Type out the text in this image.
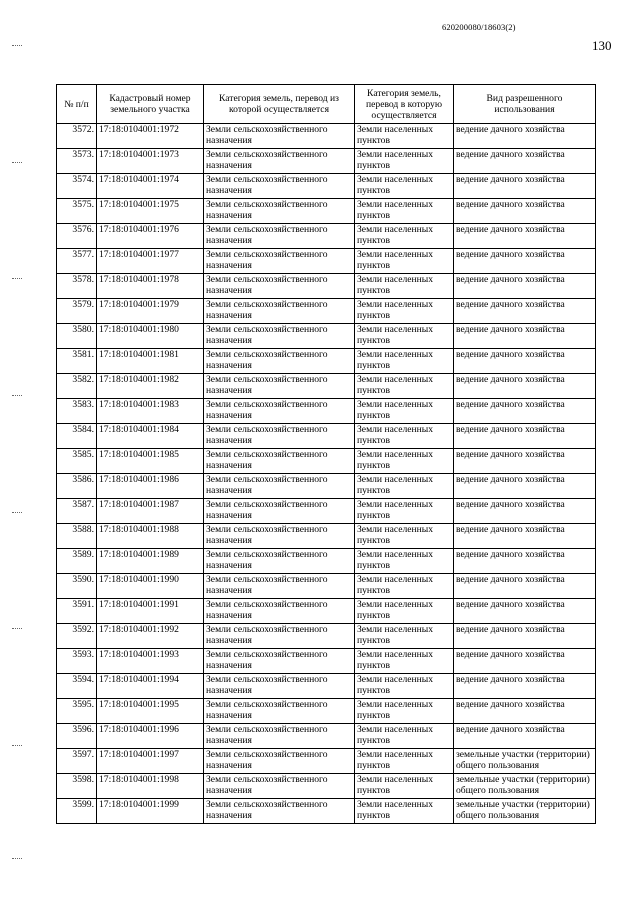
620200080/18603(2)
130
№ п/п	Кадастровый номер земельного участка	Категория земель, перевод из которой осуществляется	Категория земель, перевод в которую осуществляется	Вид разрешенного использования
3572.	17:18:0104001:1972	Земли сельскохозяйственного назначения	Земли населенных пунктов	ведение дачного хозяйства
3573.	17:18:0104001:1973	Земли сельскохозяйственного назначения	Земли населенных пунктов	ведение дачного хозяйства
3574.	17:18:0104001:1974	Земли сельскохозяйственного назначения	Земли населенных пунктов	ведение дачного хозяйства
3575.	17:18:0104001:1975	Земли сельскохозяйственного назначения	Земли населенных пунктов	ведение дачного хозяйства
3576.	17:18:0104001:1976	Земли сельскохозяйственного назначения	Земли населенных пунктов	ведение дачного хозяйства
3577.	17:18:0104001:1977	Земли сельскохозяйственного назначения	Земли населенных пунктов	ведение дачного хозяйства
3578.	17:18:0104001:1978	Земли сельскохозяйственного назначения	Земли населенных пунктов	ведение дачного хозяйства
3579.	17:18:0104001:1979	Земли сельскохозяйственного назначения	Земли населенных пунктов	ведение дачного хозяйства
3580.	17:18:0104001:1980	Земли сельскохозяйственного назначения	Земли населенных пунктов	ведение дачного хозяйства
3581.	17:18:0104001:1981	Земли сельскохозяйственного назначения	Земли населенных пунктов	ведение дачного хозяйства
3582.	17:18:0104001:1982	Земли сельскохозяйственного назначения	Земли населенных пунктов	ведение дачного хозяйства
3583.	17:18:0104001:1983	Земли сельскохозяйственного назначения	Земли населенных пунктов	ведение дачного хозяйства
3584.	17:18:0104001:1984	Земли сельскохозяйственного назначения	Земли населенных пунктов	ведение дачного хозяйства
3585.	17:18:0104001:1985	Земли сельскохозяйственного назначения	Земли населенных пунктов	ведение дачного хозяйства
3586.	17:18:0104001:1986	Земли сельскохозяйственного назначения	Земли населенных пунктов	ведение дачного хозяйства
3587.	17:18:0104001:1987	Земли сельскохозяйственного назначения	Земли населенных пунктов	ведение дачного хозяйства
3588.	17:18:0104001:1988	Земли сельскохозяйственного назначения	Земли населенных пунктов	ведение дачного хозяйства
3589.	17:18:0104001:1989	Земли сельскохозяйственного назначения	Земли населенных пунктов	ведение дачного хозяйства
3590.	17:18:0104001:1990	Земли сельскохозяйственного назначения	Земли населенных пунктов	ведение дачного хозяйства
3591.	17:18:0104001:1991	Земли сельскохозяйственного назначения	Земли населенных пунктов	ведение дачного хозяйства
3592.	17:18:0104001:1992	Земли сельскохозяйственного назначения	Земли населенных пунктов	ведение дачного хозяйства
3593.	17:18:0104001:1993	Земли сельскохозяйственного назначения	Земли населенных пунктов	ведение дачного хозяйства
3594.	17:18:0104001:1994	Земли сельскохозяйственного назначения	Земли населенных пунктов	ведение дачного хозяйства
3595.	17:18:0104001:1995	Земли сельскохозяйственного назначения	Земли населенных пунктов	ведение дачного хозяйства
3596.	17:18:0104001:1996	Земли сельскохозяйственного назначения	Земли населенных пунктов	ведение дачного хозяйства
3597.	17:18:0104001:1997	Земли сельскохозяйственного назначения	Земли населенных пунктов	земельные участки (территории) общего пользования
3598.	17:18:0104001:1998	Земли сельскохозяйственного назначения	Земли населенных пунктов	земельные участки (территории) общего пользования
3599.	17:18:0104001:1999	Земли сельскохозяйственного назначения	Земли населенных пунктов	земельные участки (территории) общего пользования
